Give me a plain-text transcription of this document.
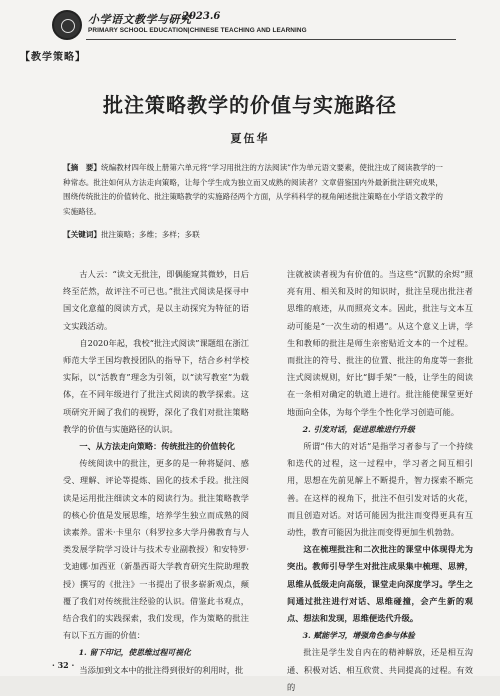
小学语文教学与研究
2023.6
PRIMARY SCHOOL EDUCATION|CHINESE TEACHING AND LEARNING
【教学策略】
批注策略教学的价值与实施路径
夏伍华
【摘　要】统编教材四年级上册第六单元将“学习用批注的方法阅读”作为单元语文要素，使批注成了阅读教学的一种常态。批注如何从方法走向策略，让每个学生成为独立而又成熟的阅读者？文章借鉴国内外最新批注研究成果，围绕传统批注的价值转化、批注策略教学的实施路径两个方面，从学科科学的视角阐述批注策略在小学语文教学的实施路径。
【关键词】批注策略；多维；多样；多联

古人云：“读文无批注，即偶能窥其微妙，日后终至茫然，故评注不可已也。”批注式阅读是探寻中国文化意蕴的阅读方式，是以主动探究为特征的语文实践活动。

自2020年起，我校“批注式阅读”课题组在浙江师范大学王国均教授团队的指导下，结合乡村学校实际，以“活教育”理念为引领，以“读写教室”为载体，在不同年级进行了批注式阅读的教学探索。这项研究开阔了我们的视野，深化了我们对批注策略教学的价值与实施路径的认识。

一、从方法走向策略：传统批注的价值转化

传统阅读中的批注，更多的是一种将疑问、感受、理解、评论等提炼、固化的技术手段。批注阅读是运用批注细读文本的阅读行为。批注策略教学的核心价值是发展思维，培养学生独立而成熟的阅读素养。雷米·卡里尔（科罗拉多大学丹佛教育与人类发展学院学习设计与技术专业副教授）和安特罗·戈迪娜·加西亚（新墨西哥大学教育研究生院助理教授）撰写的《批注》一书提出了很多崭新观点，颠覆了我们对传统批注经验的认识。借鉴此书观点，结合我们的实践探索，我们发现，作为策略的批注有以下五方面的价值：

1. 留下印记，使思维过程可视化

当添加到文本中的批注得到很好的利用时，批

注就被读者视为有价值的。当这些“沉默的余烬”照亮有用、相关和及时的知识时，批注呈现出批注者思维的痕迹，从而照亮文本。因此，批注与文本互动可能是“一次生动的相遇”。从这个意义上讲，学生和教师的批注是师生亲密贴近文本的一个过程。而批注的符号、批注的位置、批注的角度等一套批注式阅读规则，好比“脚手架”一般，让学生的阅读在一条相对确定的轨道上进行。批注能使课堂更好地面向全体，为每个学生个性化学习创造可能。

2. 引发对话，促进思维进行升级

所谓“伟大的对话”是指学习者参与了一个持续和迭代的过程，这一过程中，学习者之间互相引用，思想在先前见解上不断提升，智力探索不断完善。在这样的视角下，批注不但引发对话的火花，而且创造对话。对话可能因为批注而变得更具有互动性，教育可能因为批注而变得更加生机勃勃。

这在梳理批注和二次批注的课堂中体现得尤为突出。教师引导学生对批注成果集中梳理、思辨，思维从低级走向高级，课堂走向深度学习。学生之间通过批注进行对话、思维碰撞，会产生新的观点、想法和发现，思维便迭代升级。

3. 赋能学习，增强角色参与体验

批注是学生发自内在的精神解放，还是相互沟通、积极对话、相互欣赏、共同提高的过程。有效的

· 32 ·
